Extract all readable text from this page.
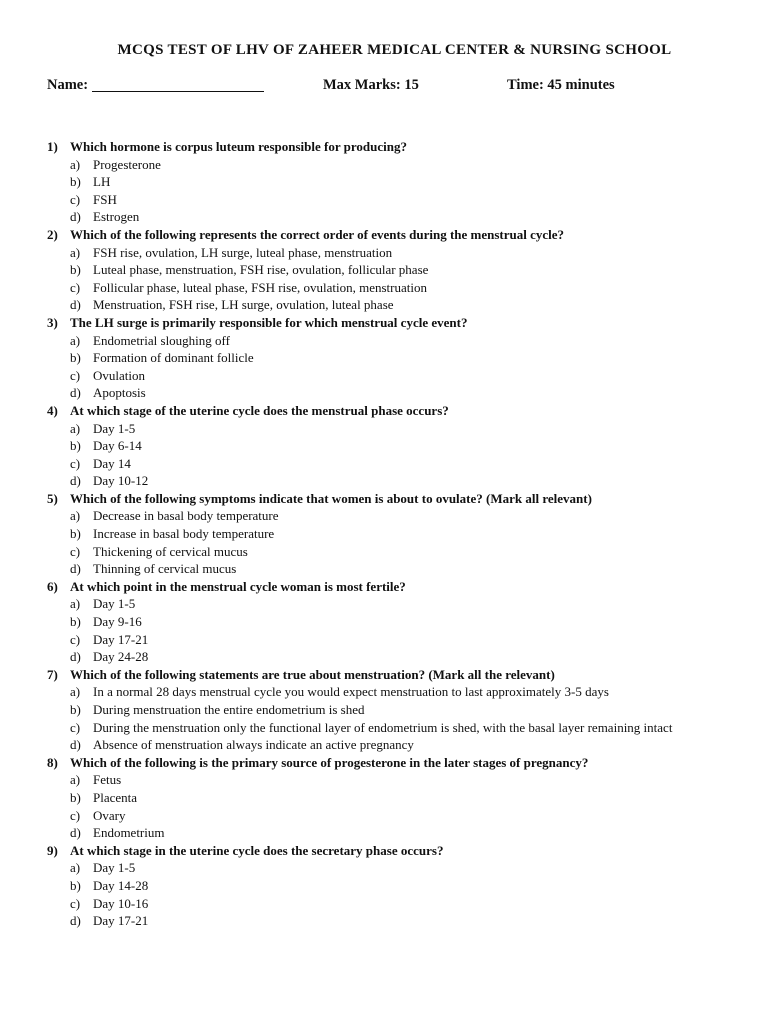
MCQS TEST OF LHV OF ZAHEER MEDICAL CENTER & NURSING SCHOOL
Name:	Max Marks: 15	Time: 45 minutes
1) Which hormone is corpus luteum responsible for producing?
a) Progesterone
b) LH
c) FSH
d) Estrogen
2) Which of the following represents the correct order of events during the menstrual cycle?
a) FSH rise, ovulation, LH surge, luteal phase, menstruation
b) Luteal phase, menstruation, FSH rise, ovulation, follicular phase
c) Follicular phase, luteal phase, FSH rise, ovulation, menstruation
d) Menstruation, FSH rise, LH surge, ovulation, luteal phase
3) The LH surge is primarily responsible for which menstrual cycle event?
a) Endometrial sloughing off
b) Formation of dominant follicle
c) Ovulation
d) Apoptosis
4) At which stage of the uterine cycle does the menstrual phase occurs?
a) Day 1-5
b) Day 6-14
c) Day 14
d) Day 10-12
5) Which of the following symptoms indicate that women is about to ovulate? (Mark all relevant)
a) Decrease in basal body temperature
b) Increase in basal body temperature
c) Thickening of cervical mucus
d) Thinning of cervical mucus
6) At which point in the menstrual cycle woman is most fertile?
a) Day 1-5
b) Day 9-16
c) Day 17-21
d) Day 24-28
7) Which of the following statements are true about menstruation? (Mark all the relevant)
a) In a normal 28 days menstrual cycle you would expect menstruation to last approximately 3-5 days
b) During menstruation the entire endometrium is shed
c) During the menstruation only the functional layer of endometrium is shed, with the basal layer remaining intact
d) Absence of menstruation always indicate an active pregnancy
8) Which of the following is the primary source of progesterone in the later stages of pregnancy?
a) Fetus
b) Placenta
c) Ovary
d) Endometrium
9) At which stage in the uterine cycle does the secretary phase occurs?
a) Day 1-5
b) Day 14-28
c) Day 10-16
d) Day 17-21
